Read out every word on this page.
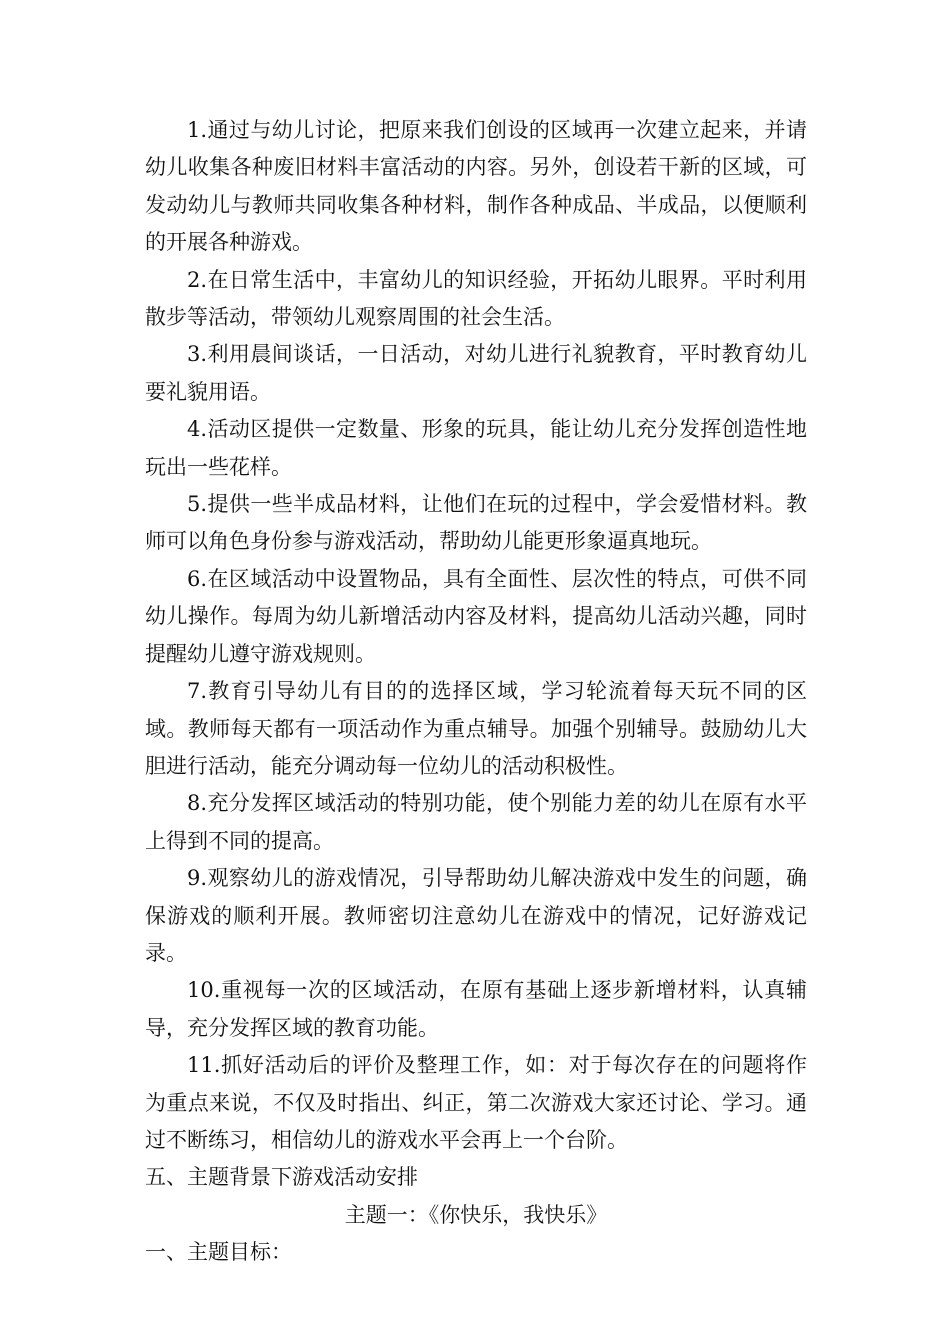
1.通过与幼儿讨论，把原来我们创设的区域再一次建立起来，并请幼儿收集各种废旧材料丰富活动的内容。另外，创设若干新的区域，可发动幼儿与教师共同收集各种材料，制作各种成品、半成品，以便顺利的开展各种游戏。

2.在日常生活中，丰富幼儿的知识经验，开拓幼儿眼界。平时利用散步等活动，带领幼儿观察周围的社会生活。

3.利用晨间谈话，一日活动，对幼儿进行礼貌教育，平时教育幼儿要礼貌用语。

4.活动区提供一定数量、形象的玩具，能让幼儿充分发挥创造性地玩出一些花样。

5.提供一些半成品材料，让他们在玩的过程中，学会爱惜材料。教师可以角色身份参与游戏活动，帮助幼儿能更形象逼真地玩。

6.在区域活动中设置物品，具有全面性、层次性的特点，可供不同幼儿操作。每周为幼儿新增活动内容及材料，提高幼儿活动兴趣，同时提醒幼儿遵守游戏规则。

7.教育引导幼儿有目的的选择区域，学习轮流着每天玩不同的区域。教师每天都有一项活动作为重点辅导。加强个别辅导。鼓励幼儿大胆进行活动，能充分调动每一位幼儿的活动积极性。

8.充分发挥区域活动的特别功能，使个别能力差的幼儿在原有水平上得到不同的提高。

9.观察幼儿的游戏情况，引导帮助幼儿解决游戏中发生的问题，确保游戏的顺利开展。教师密切注意幼儿在游戏中的情况，记好游戏记录。

10.重视每一次的区域活动，在原有基础上逐步新增材料，认真辅导，充分发挥区域的教育功能。

11.抓好活动后的评价及整理工作，如：对于每次存在的问题将作为重点来说，不仅及时指出、纠正，第二次游戏大家还讨论、学习。通过不断练习，相信幼儿的游戏水平会再上一个台阶。

五、主题背景下游戏活动安排

主题一：《你快乐，我快乐》

一、主题目标：
